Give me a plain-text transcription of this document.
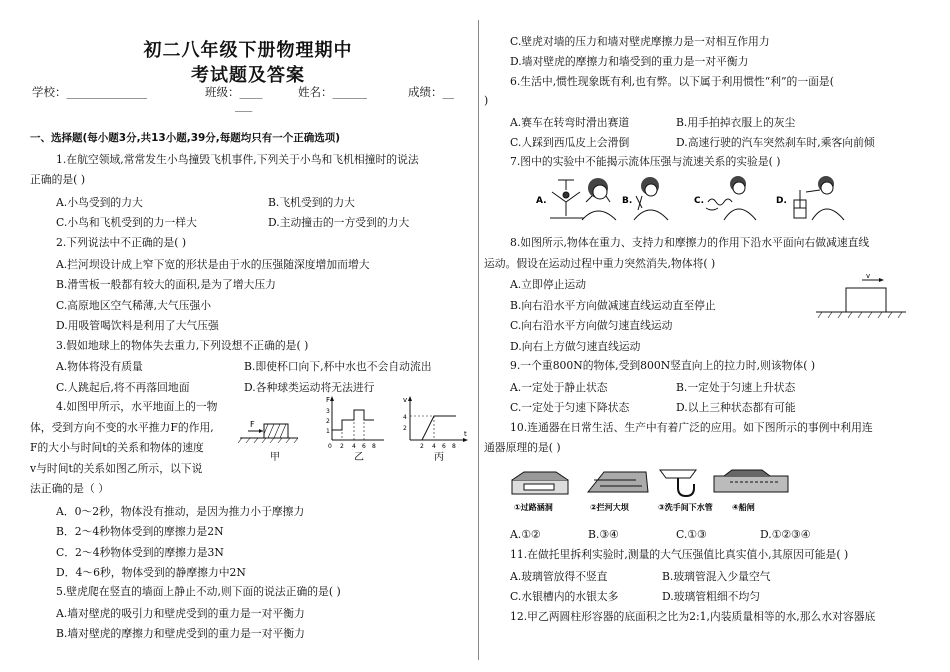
初二八年级下册物理期中
考试题及答案
学校：______________	班级：____	姓名：______	成绩：__
___
一、选择题(每小题3分,共13小题,39分,每题均只有一个正确选项)
1.在航空领域,常常发生小鸟撞毁飞机事件,下列关于小鸟和飞机相撞时的说法
正确的是( )
A.小鸟受到的力大	B.飞机受到的力大
C.小鸟和飞机受到的力一样大	D.主动撞击的一方受到的力大
2.下列说法中不正确的是( )
A.拦河坝设计成上窄下宽的形状是由于水的压强随深度增加而增大
B.滑雪板一般都有较大的面积,是为了增大压力
C.高原地区空气稀薄,大气压强小
D.用吸管喝饮料是利用了大气压强
3.假如地球上的物体失去重力,下列设想不正确的是( )
A.物体将没有质量	B.即使杯口向下,杯中水也不会自动流出
C.人跳起后,将不再落回地面	D.各种球类运动将无法进行
4.如图甲所示，水平地面上的一物
体，受到方向不变的水平推力F的作用,
F的大小与时间t的关系和物体的速度
v与时间t的关系如图乙所示，以下说
法正确的是（ ）
F
F
3
2
1
0 2 4 6 8
v
t
4
2
2 4 6 8
甲	乙	丙
A．0～2秒，物体没有推动，是因为推力小于摩擦力
B．2～4秒物体受到的摩擦力是2N
C．2～4秒物体受到的摩擦力是3N
D．4～6秒，物体受到的静摩擦力中2N
5.壁虎爬在竖直的墙面上静止不动,则下面的说法正确的是( )
A.墙对壁虎的吸引力和壁虎受到的重力是一对平衡力
B.墙对壁虎的摩擦力和壁虎受到的重力是一对平衡力
C.壁虎对墙的压力和墙对壁虎摩擦力是一对相互作用力
D.墙对壁虎的摩擦力和墙受到的重力是一对平衡力
6.生活中,惯性现象既有利,也有弊。以下属于利用惯性“利”的一面是(
)
A.赛车在转弯时滑出赛道	B.用手拍掉衣服上的灰尘
C.人踩到西瓜皮上会滑倒	D.高速行驶的汽车突然刹车时,乘客向前倾
7.图中的实验中不能揭示流体压强与流速关系的实验是( )
A.	B.	C.	D.
8.如图所示,物体在重力、支持力和摩擦力的作用下沿水平面向右做减速直线
运动。假设在运动过程中重力突然消失,物体将( )
A.立即停止运动
B.向右沿水平方向做减速直线运动直至停止
C.向右沿水平方向做匀速直线运动
D.向右上方做匀速直线运动
v
9.一个重800N的物体,受到800N竖直向上的拉力时,则该物体( )
A.一定处于静止状态	B.一定处于匀速上升状态
C.一定处于匀速下降状态	D.以上三种状态都有可能
10.连通器在日常生活、生产中有着广泛的应用。如下图所示的事例中利用连
通器原理的是( )
①过路涵洞	②拦河大坝	③洗手间下水管 ④船闸
A.①②	B.③④	C.①③	D.①②③④
11.在做托里拆利实验时,测量的大气压强值比真实值小,其原因可能是( )
A.玻璃管放得不竖直	B.玻璃管混入少量空气
C.水银槽内的水银太多	D.玻璃管粗细不均匀
12.甲乙两圆柱形容器的底面积之比为2:1,内装质量相等的水,那么水对容器底
